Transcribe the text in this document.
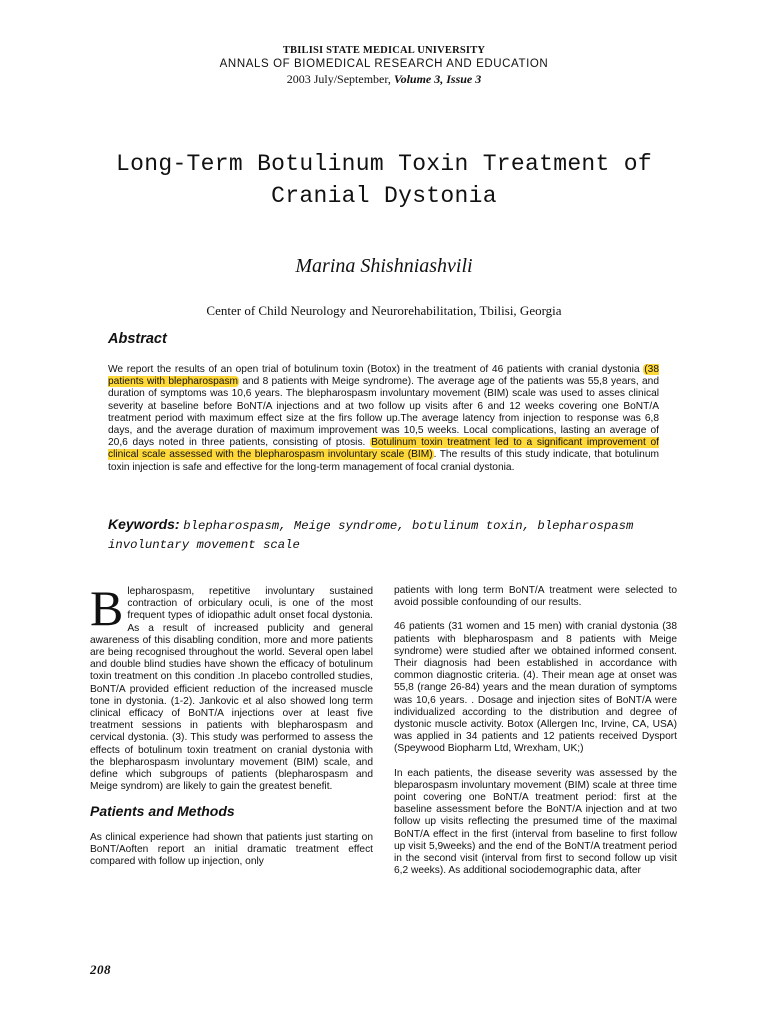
TBILISI STATE MEDICAL UNIVERSITY
ANNALS OF BIOMEDICAL RESEARCH AND EDUCATION
2003 July/September, Volume 3, Issue 3
Long-Term Botulinum Toxin Treatment of
Cranial Dystonia
Marina Shishniashvili
Center of Child Neurology and Neurorehabilitation, Tbilisi, Georgia
Abstract

We report the results of an open trial of botulinum toxin (Botox) in the treatment of 46 patients with cranial dystonia (38 patients with blepharospasm and 8 patients with Meige syndrome). The average age of the patients was 55,8 years, and duration of symptoms was 10,6 years. The blepharospasm involuntary movement (BIM) scale was used to asses clinical severity at baseline before BoNT/A injections and at two follow up visits after 6 and 12 weeks covering one BoNT/A treatment period with maximum effect size at the firs follow up.The average latency from injection to response was 6,8 days, and the average duration of maximum improvement was 10,5 weeks. Local complications, lasting an average of 20,6 days noted in three patients, consisting of ptosis. Botulinum toxin treatment led to a significant improvement of clinical scale assessed with the blepharospasm involuntary scale (BIM). The results of this study indicate, that botulinum toxin injection is safe and effective for the long-term management of focal cranial dystonia.

Keywords: blepharospasm, Meige syndrome, botulinum toxin, blepharospasm involuntary movement scale

Blepharospasm, repetitive involuntary sustained contraction of orbiculary oculi, is one of the most frequent types of idiopathic adult onset focal dystonia. As a result of increased publicity and general awareness of this disabling condition, more and more patients are being recognised throughout the world. Several open label and double blind studies have shown the efficacy of botulinum toxin treatment on this condition .In placebo controlled studies, BoNT/A provided efficient reduction of the increased muscle tone in dystonia. (1-2). Jankovic et al also showed long term clinical efficacy of BoNT/A injections over at least five treatment sessions in patients with blepharospasm and cervical dystonia. (3). This study was performed to assess the effects of botulinum toxin treatment on cranial dystonia with the blepharospasm involuntary movement (BIM) scale, and define which subgroups of patients (blepharospasm and Meige syndrom) are likely to gain the greatest benefit.

Patients and Methods

As clinical experience had shown that patients just starting on BoNT/Aoften report an initial dramatic treatment effect compared with follow up injection, only

patients with long term BoNT/A treatment were selected to avoid possible confounding of our results.

46 patients (31 women and 15 men) with cranial dystonia (38 patients with blepharospasm and 8 patients with Meige syndrome) were studied after we obtained informed consent. Their diagnosis had been established in accordance with common diagnostic criteria. (4). Their mean age at onset was 55,8 (range 26-84) years and the mean duration of symptoms was 10,6 years. . Dosage and injection sites of BoNT/A were individualized according to the distribution and degree of dystonic muscle activity. Botox (Allergen Inc, Irvine, CA, USA) was applied in 34 patients and 12 patients received Dysport (Speywood Biopharm Ltd, Wrexham, UK;)

In each patients, the disease severity was assessed by the bleparospasm involuntary movement (BIM) scale at three time point covering one BoNT/A treatment period: first at the baseline assessment before the BoNT/A injection and at two follow up visits reflecting the presumed time of the maximal BoNT/A effect in the first (interval from baseline to first follow up visit 5,9weeks) and the end of the BoNT/A treatment period in the second visit (interval from first to second follow up visit 6,2 weeks). As additional sociodemographic data, after

208
